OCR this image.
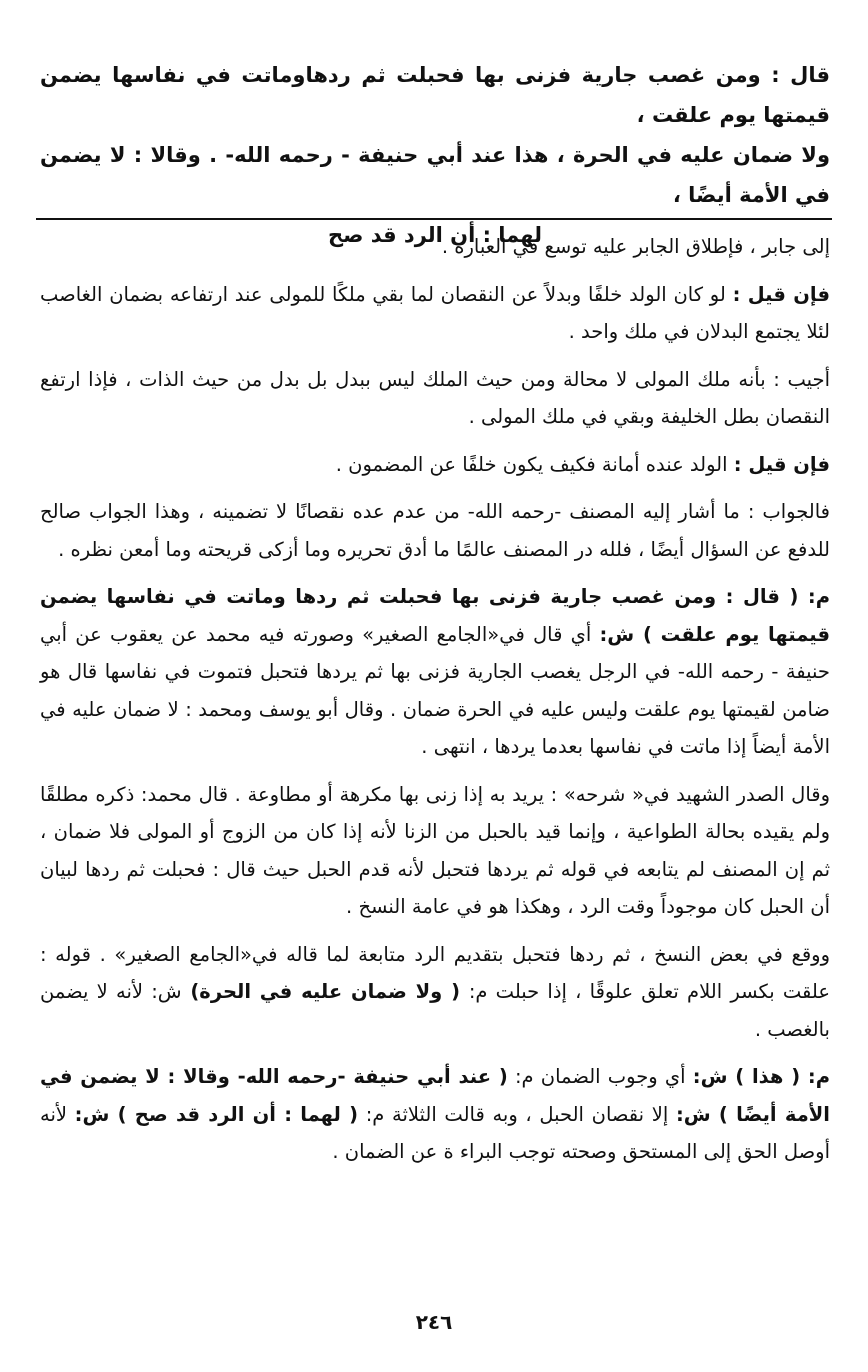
قال : ومن غصب جارية فزنى بها فحبلت ثم ردهاوماتت في نفاسها يضمن قيمتها يوم علقت ،
ولا ضمان عليه في الحرة ، هذا عند أبي حنيفة - رحمه الله- . وقالا : لا يضمن في الأمة أيضًا ،
لهما : أن الرد قد صح

إلى جابر ، فإطلاق الجابر عليه توسع في العبارة .

فإن قيل : لو كان الولد خلفًا وبدلاً عن النقصان لما بقي ملكًا للمولى عند ارتفاعه بضمان الغاصب لئلا يجتمع البدلان في ملك واحد .

أجيب : بأنه ملك المولى لا محالة ومن حيث الملك ليس ببدل بل بدل من حيث الذات ، فإذا ارتفع النقصان بطل الخليفة وبقي في ملك المولى .

فإن قيل : الولد عنده أمانة فكيف يكون خلفًا عن المضمون .

فالجواب : ما أشار إليه المصنف -رحمه الله- من عدم عده نقصانًا لا تضمينه ، وهذا الجواب صالح للدفع عن السؤال أيضًا ، فلله در المصنف عالمًا ما أدق تحريره وما أزكى قريحته وما أمعن نظره .

م: ( قال : ومن غصب جارية فزنى بها فحبلت ثم ردها وماتت في نفاسها يضمن قيمتها يوم علقت ) ش: أي قال في«الجامع الصغير» وصورته فيه محمد عن يعقوب عن أبي حنيفة - رحمه الله- في الرجل يغصب الجارية فزنى بها ثم يردها فتحبل فتموت في نفاسها قال هو ضامن لقيمتها يوم علقت وليس عليه في الحرة ضمان . وقال أبو يوسف ومحمد : لا ضمان عليه في الأمة أيضاً إذا ماتت في نفاسها بعدما يردها ، انتهى .

وقال الصدر الشهيد في« شرحه» : يريد به إذا زنى بها مكرهة أو مطاوعة . قال محمد: ذكره مطلقًا ولم يقيده بحالة الطواعية ، وإنما قيد بالحبل من الزنا لأنه إذا كان من الزوج أو المولى فلا ضمان ، ثم إن المصنف لم يتابعه في قوله ثم يردها فتحبل لأنه قدم الحبل حيث قال : فحبلت ثم ردها لبيان أن الحبل كان موجوداً وقت الرد ، وهكذا هو في عامة النسخ .

ووقع في بعض النسخ ، ثم ردها فتحبل بتقديم الرد متابعة لما قاله في«الجامع الصغير» . قوله : علقت بكسر اللام تعلق علوقًا ، إذا حبلت م: ( ولا ضمان عليه في الحرة) ش: لأنه لا يضمن بالغصب .

م: ( هذا ) ش: أي وجوب الضمان م: ( عند أبي حنيفة -رحمه الله- وقالا : لا يضمن في الأمة أيضًا ) ش: إلا نقصان الحبل ، وبه قالت الثلاثة م: ( لهما : أن الرد قد صح ) ش: لأنه أوصل الحق إلى المستحق وصحته توجب البراء ة عن الضمان .

٢٤٦
